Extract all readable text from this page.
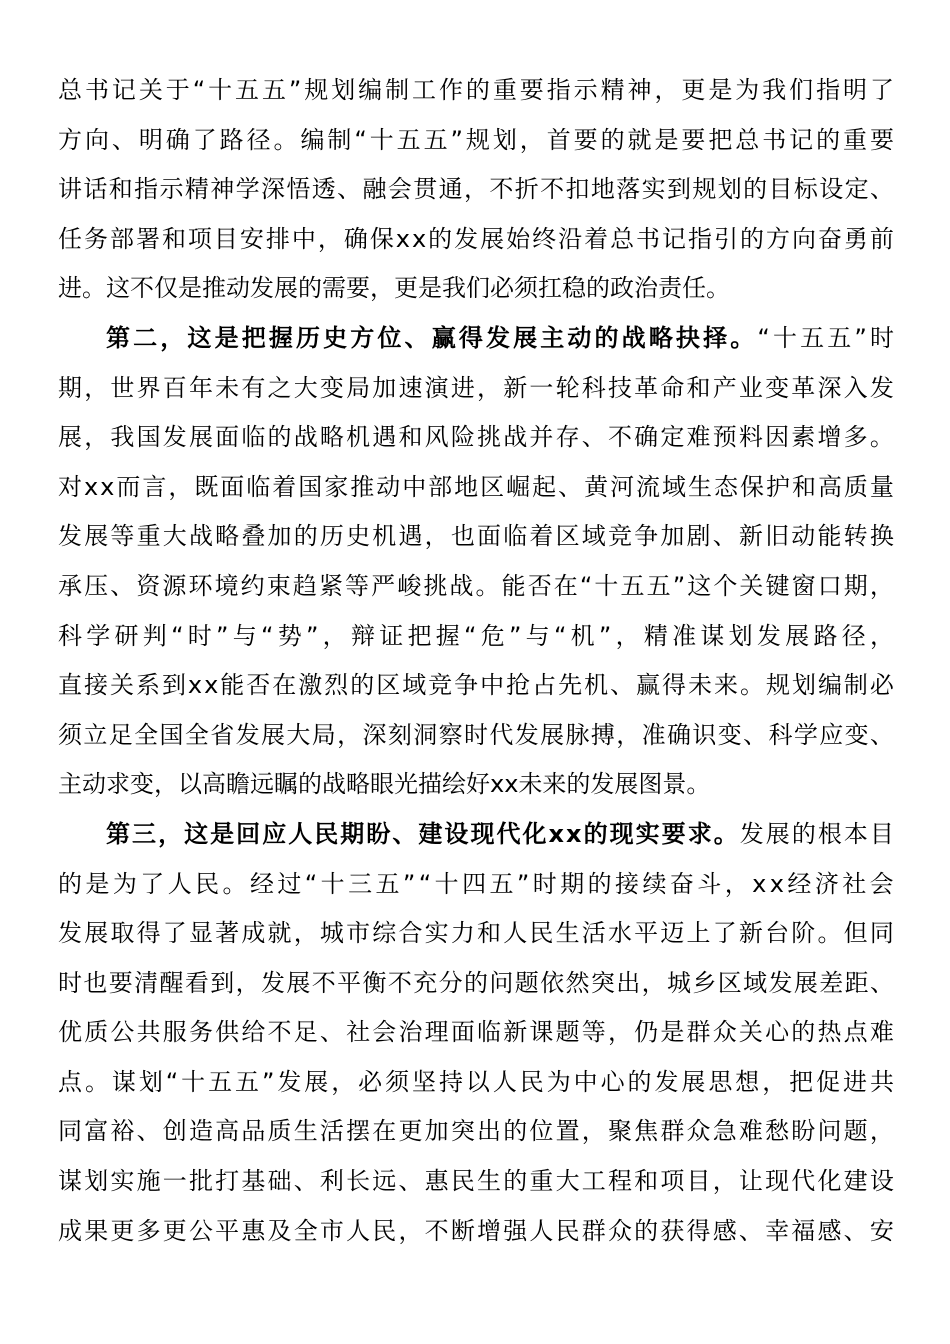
总 书 记 关 于 “ 十 五 五 ” 规 划 编 制 工 作 的 重 要 指 示 精 神 ， 更 是 为 我 们 指 明 了
方 向 、 明 确 了 路 径 。 编 制 “ 十 五 五 ” 规 划 ， 首 要 的 就 是 要 把 总 书 记 的 重 要
讲 话 和 指 示 精 神 学 深 悟 透 、 融 会 贯 通 ， 不 折 不 扣 地 落 实 到 规 划 的 目 标 设 定 、
任 务 部 署 和 项 目 安 排 中 ， 确 保 x x 的 发 展 始 终 沿 着 总 书 记 指 引 的 方 向 奋 勇 前
进 。 这 不 仅 是 推 动 发 展 的 需 要 ， 更 是 我 们 必 须 扛 稳 的 政 治 责 任 。
第 二 ， 这 是 把 握 历 史 方 位 、 赢 得 发 展 主 动 的 战 略 抉 择 。 “ 十 五 五 ” 时
期 ， 世 界 百 年 未 有 之 大 变 局 加 速 演 进 ， 新 一 轮 科 技 革 命 和 产 业 变 革 深 入 发
展 ， 我 国 发 展 面 临 的 战 略 机 遇 和 风 险 挑 战 并 存 、 不 确 定 难 预 料 因 素 增 多 。
对 x x 而 言 ， 既 面 临 着 国 家 推 动 中 部 地 区 崛 起 、 黄 河 流 域 生 态 保 护 和 高 质 量
发 展 等 重 大 战 略 叠 加 的 历 史 机 遇 ， 也 面 临 着 区 域 竞 争 加 剧 、 新 旧 动 能 转 换
承 压 、 资 源 环 境 约 束 趋 紧 等 严 峻 挑 战 。 能 否 在 “ 十 五 五 ” 这 个 关 键 窗 口 期 ，
科 学 研 判 “ 时 ” 与 “ 势 ” ， 辩 证 把 握 “ 危 ” 与 “ 机 ” ， 精 准 谋 划 发 展 路 径 ，
直 接 关 系 到 x x 能 否 在 激 烈 的 区 域 竞 争 中 抢 占 先 机 、 赢 得 未 来 。 规 划 编 制 必
须 立 足 全 国 全 省 发 展 大 局 ， 深 刻 洞 察 时 代 发 展 脉 搏 ， 准 确 识 变 、 科 学 应 变 、
主 动 求 变 ， 以 高 瞻 远 瞩 的 战 略 眼 光 描 绘 好 x x 未 来 的 发 展 图 景 。
第 三 ， 这 是 回 应 人 民 期 盼 、 建 设 现 代 化 x x 的 现 实 要 求 。 发 展 的 根 本 目
的 是 为 了 人 民 。 经 过 “ 十 三 五 ” “ 十 四 五 ” 时 期 的 接 续 奋 斗 ， x x 经 济 社 会
发 展 取 得 了 显 著 成 就 ， 城 市 综 合 实 力 和 人 民 生 活 水 平 迈 上 了 新 台 阶 。 但 同
时 也 要 清 醒 看 到 ， 发 展 不 平 衡 不 充 分 的 问 题 依 然 突 出 ， 城 乡 区 域 发 展 差 距 、
优 质 公 共 服 务 供 给 不 足 、 社 会 治 理 面 临 新 课 题 等 ， 仍 是 群 众 关 心 的 热 点 难
点 。 谋 划 “ 十 五 五 ” 发 展 ， 必 须 坚 持 以 人 民 为 中 心 的 发 展 思 想 ， 把 促 进 共
同 富 裕 、 创 造 高 品 质 生 活 摆 在 更 加 突 出 的 位 置 ， 聚 焦 群 众 急 难 愁 盼 问 题 ，
谋 划 实 施 一 批 打 基 础 、 利 长 远 、 惠 民 生 的 重 大 工 程 和 项 目 ， 让 现 代 化 建 设
成 果 更 多 更 公 平 惠 及 全 市 人 民 ， 不 断 增 强 人 民 群 众 的 获 得 感 、 幸 福 感 、 安
